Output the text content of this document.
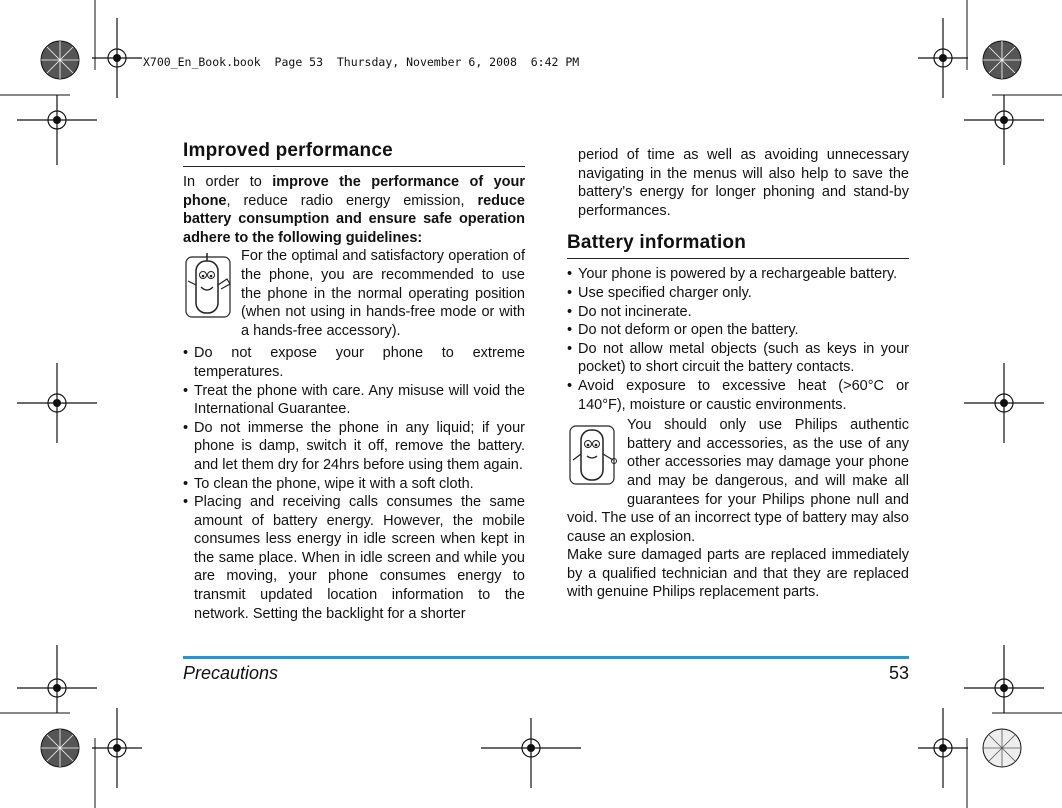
X700_En_Book.book  Page 53  Thursday, November 6, 2008  6:42 PM
Improved performance

In order to improve the performance of your phone, reduce radio energy emission, reduce battery consumption and ensure safe operation adhere to the following guidelines:

For the optimal and satisfactory operation of the phone, you are recommended to use the phone in the normal operating position (when not using in hands-free mode or with a hands-free accessory).

• Do not expose your phone to extreme temperatures.
• Treat the phone with care. Any misuse will void the International Guarantee.
• Do not immerse the phone in any liquid; if your phone is damp, switch it off, remove the battery. and let them dry for 24hrs before using them again.
• To clean the phone, wipe it with a soft cloth.
• Placing and receiving calls consumes the same amount of battery energy. However, the mobile consumes less energy in idle screen when kept in the same place. When in idle screen and while you are moving, your phone consumes energy to transmit updated location information to the network. Setting the backlight for a shorter

period of time as well as avoiding unnecessary navigating in the menus will also help to save the battery's energy for longer phoning and stand-by performances.

Battery information
• Your phone is powered by a rechargeable battery.
• Use specified charger only.
• Do not incinerate.
• Do not deform or open the battery.
• Do not allow metal objects (such as keys in your pocket) to short circuit the battery contacts.
• Avoid exposure to excessive heat (>60°C or 140°F), moisture or caustic environments.

You should only use Philips authentic battery and accessories, as the use of any other accessories may damage your phone and may be dangerous, and will make all guarantees for your Philips phone null and void. The use of an incorrect type of battery may also cause an explosion.

Make sure damaged parts are replaced immediately by a qualified technician and that they are replaced with genuine Philips replacement parts.

Precautions	53
